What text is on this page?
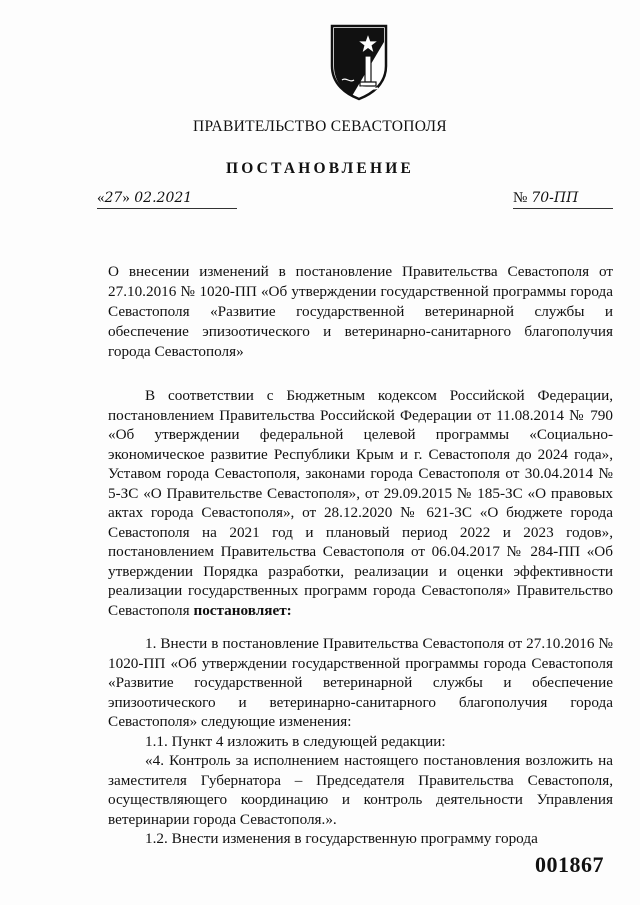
ПРАВИТЕЛЬСТВО СЕВАСТОПОЛЯ
ПОСТАНОВЛЕНИЕ
«27» 02.2021	№ 70-ПП
О внесении изменений в постановление Правительства Севастополя от 27.10.2016 № 1020-ПП «Об утверждении государственной программы города Севастополя «Развитие государственной ветеринарной службы и обеспечение эпизоотического и ветеринарно-санитарного благополучия города Севастополя»

В соответствии с Бюджетным кодексом Российской Федерации, постановлением Правительства Российской Федерации от 11.08.2014 № 790 «Об утверждении федеральной целевой программы «Социально-экономическое развитие Республики Крым и г. Севастополя до 2024 года», Уставом города Севастополя, законами города Севастополя от 30.04.2014 № 5-ЗС «О Правительстве Севастополя», от 29.09.2015 № 185-ЗС «О правовых актах города Севастополя», от 28.12.2020 № 621-ЗС «О бюджете города Севастополя на 2021 год и плановый период 2022 и 2023 годов», постановлением Правительства Севастополя от 06.04.2017 № 284-ПП «Об утверждении Порядка разработки, реализации и оценки эффективности реализации государственных программ города Севастополя» Правительство Севастополя постановляет:

1. Внести в постановление Правительства Севастополя от 27.10.2016 № 1020-ПП «Об утверждении государственной программы города Севастополя «Развитие государственной ветеринарной службы и обеспечение эпизоотического и ветеринарно-санитарного благополучия города Севастополя» следующие изменения:

1.1. Пункт 4 изложить в следующей редакции:

«4. Контроль за исполнением настоящего постановления возложить на заместителя Губернатора – Председателя Правительства Севастополя, осуществляющего координацию и контроль деятельности Управления ветеринарии города Севастополя.».

1.2. Внести изменения в государственную программу города

001867
